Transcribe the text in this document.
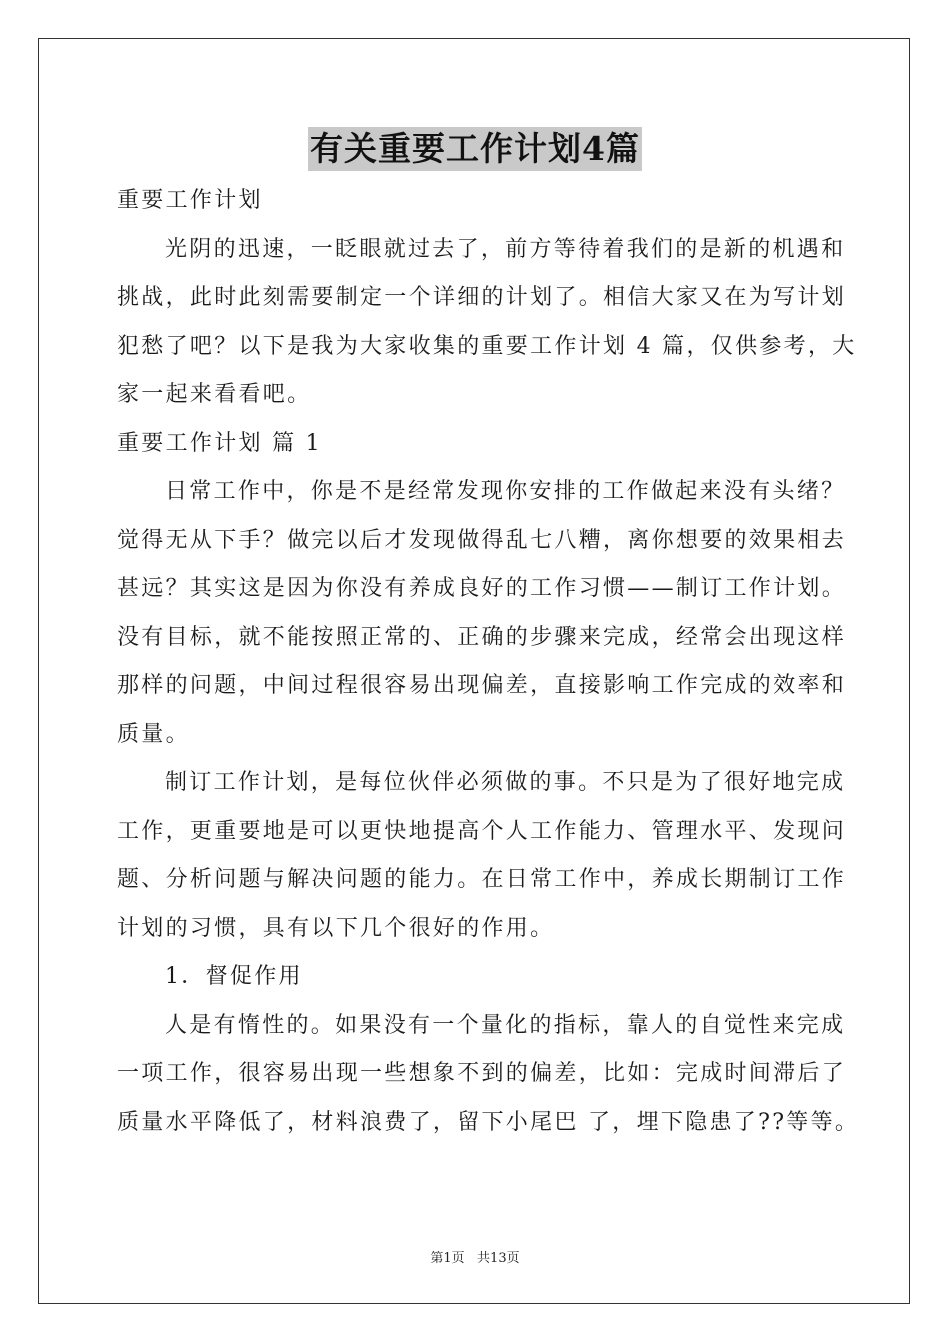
有关重要工作计划4篇
重要工作计划
光阴的迅速，一眨眼就过去了，前方等待着我们的是新的机遇和
挑战，此时此刻需要制定一个详细的计划了。相信大家又在为写计划
犯愁了吧？以下是我为大家收集的重要工作计划 4 篇，仅供参考，大
家一起来看看吧。
重要工作计划 篇 1
日常工作中，你是不是经常发现你安排的工作做起来没有头绪？
觉得无从下手？做完以后才发现做得乱七八糟，离你想要的效果相去
甚远？其实这是因为你没有养成良好的工作习惯——制订工作计划。
没有目标，就不能按照正常的、正确的步骤来完成，经常会出现这样
那样的问题，中间过程很容易出现偏差，直接影响工作完成的效率和
质量。
制订工作计划，是每位伙伴必须做的事。不只是为了很好地完成
工作，更重要地是可以更快地提高个人工作能力、管理水平、发现问
题、分析问题与解决问题的能力。在日常工作中，养成长期制订工作
计划的习惯，具有以下几个很好的作用。
1．督促作用
人是有惰性的。如果没有一个量化的指标，靠人的自觉性来完成
一项工作，很容易出现一些想象不到的偏差，比如：完成时间滞后了
质量水平降低了，材料浪费了，留下小尾巴 了，埋下隐患了??等等。
第1页   共13页
